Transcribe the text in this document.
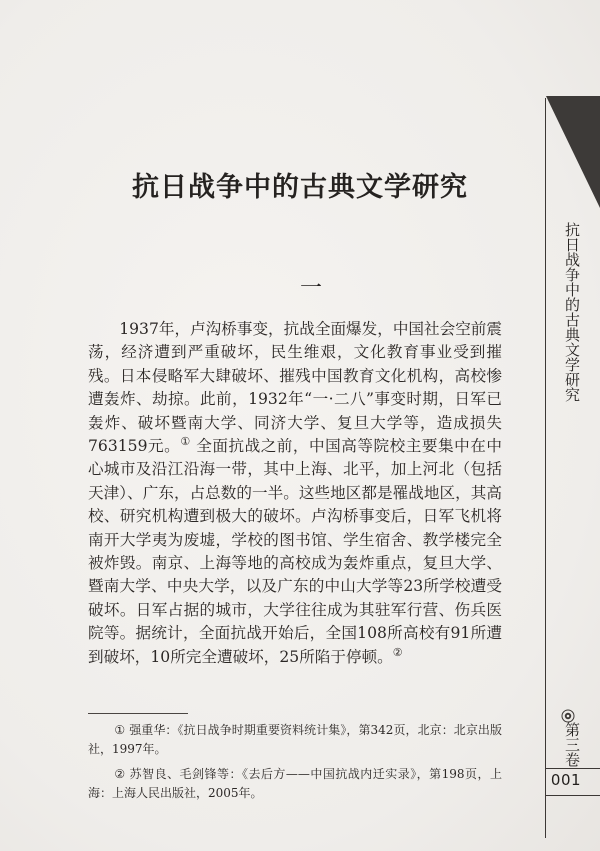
抗日战争中的古典文学研究
一

1937年，卢沟桥事变，抗战全面爆发，中国社会空前震荡，经济遭到严重破坏，民生维艰，文化教育事业受到摧残。日本侵略军大肆破坏、摧残中国教育文化机构，高校惨遭轰炸、劫掠。此前，1932年“一·二八”事变时期，日军已轰炸、破坏暨南大学、同济大学、复旦大学等，造成损失763159元。① 全面抗战之前，中国高等院校主要集中在中心城市及沿江沿海一带，其中上海、北平，加上河北（包括天津）、广东，占总数的一半。这些地区都是罹战地区，其高校、研究机构遭到极大的破坏。卢沟桥事变后，日军飞机将南开大学夷为废墟，学校的图书馆、学生宿舍、教学楼完全被炸毁。南京、上海等地的高校成为轰炸重点，复旦大学、暨南大学、中央大学，以及广东的中山大学等23所学校遭受破坏。日军占据的城市，大学往往成为其驻军行营、伤兵医院等。据统计，全面抗战开始后，全国108所高校有91所遭到破坏，10所完全遭破坏，25所陷于停顿。②

① 强重华：《抗日战争时期重要资料统计集》，第342页，北京：北京出版社，1997年。

② 苏智良、毛剑锋等：《去后方——中国抗战内迁实录》，第198页，上海：上海人民出版社，2005年。

抗日战争中的古典文学研究
第三卷
001
